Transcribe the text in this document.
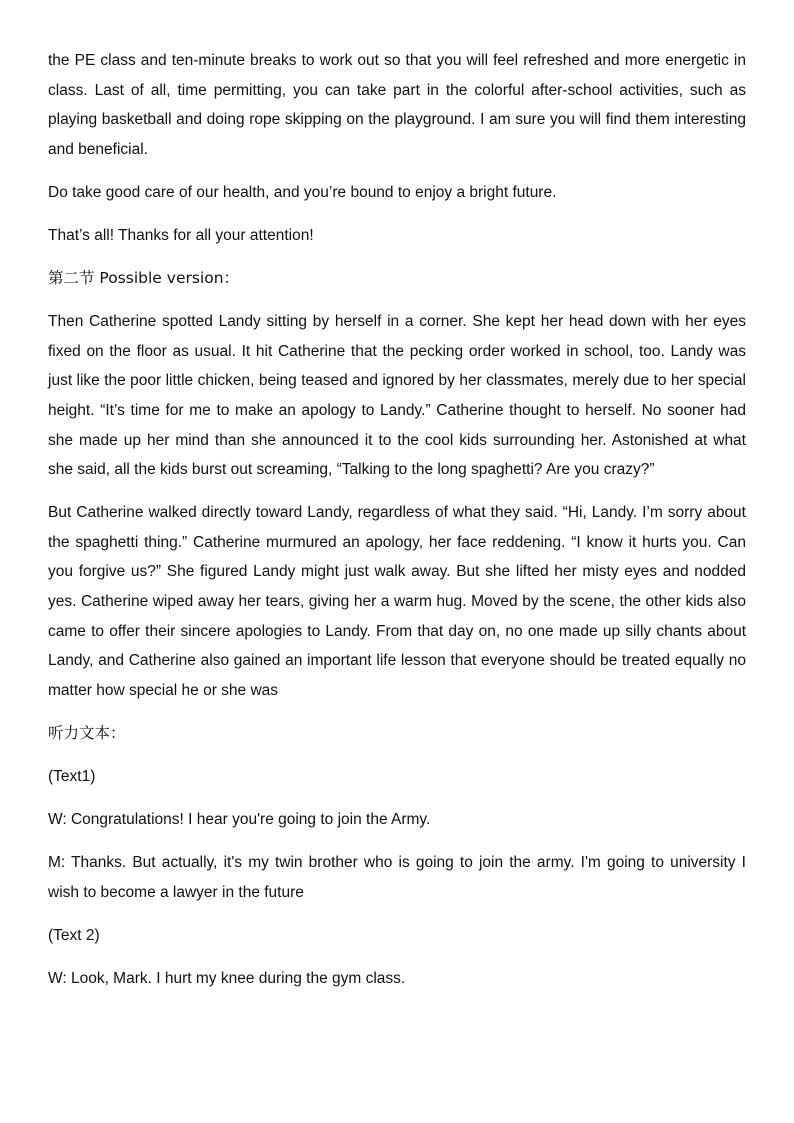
the PE class and ten-minute breaks to work out so that you will feel refreshed and more energetic in class. Last of all, time permitting, you can take part in the colorful after-school activities, such as playing basketball and doing rope skipping on the playground. I am sure you will find them interesting and beneficial.

Do take good care of our health, and you’re bound to enjoy a bright future.

That’s all! Thanks for all your attention!

第二节 Possible version：

Then Catherine spotted Landy sitting by herself in a corner. She kept her head down with her eyes fixed on the floor as usual. It hit Catherine that the pecking order worked in school, too. Landy was just like the poor little chicken, being teased and ignored by her classmates, merely due to her special height. “It’s time for me to make an apology to Landy.” Catherine thought to herself. No sooner had she made up her mind than she announced it to the cool kids surrounding her. Astonished at what she said, all the kids burst out screaming, “Talking to the long spaghetti? Are you crazy?”

But Catherine walked directly toward Landy, regardless of what they said. “Hi, Landy. I’m sorry about the spaghetti thing.” Catherine murmured an apology, her face reddening. “I know it hurts you. Can you forgive us?” She figured Landy might just walk away. But she lifted her misty eyes and nodded yes. Catherine wiped away her tears, giving her a warm hug. Moved by the scene, the other kids also came to offer their sincere apologies to Landy. From that day on, no one made up silly chants about Landy, and Catherine also gained an important life lesson that everyone should be treated equally no matter how special he or she was

听力文本：

(Text1)

W: Congratulations! I hear you're going to join the Army.

M: Thanks. But actually, it's my twin brother who is going to join the army. I'm going to university I wish to become a lawyer in the future

(Text 2)

W: Look, Mark. I hurt my knee during the gym class.
